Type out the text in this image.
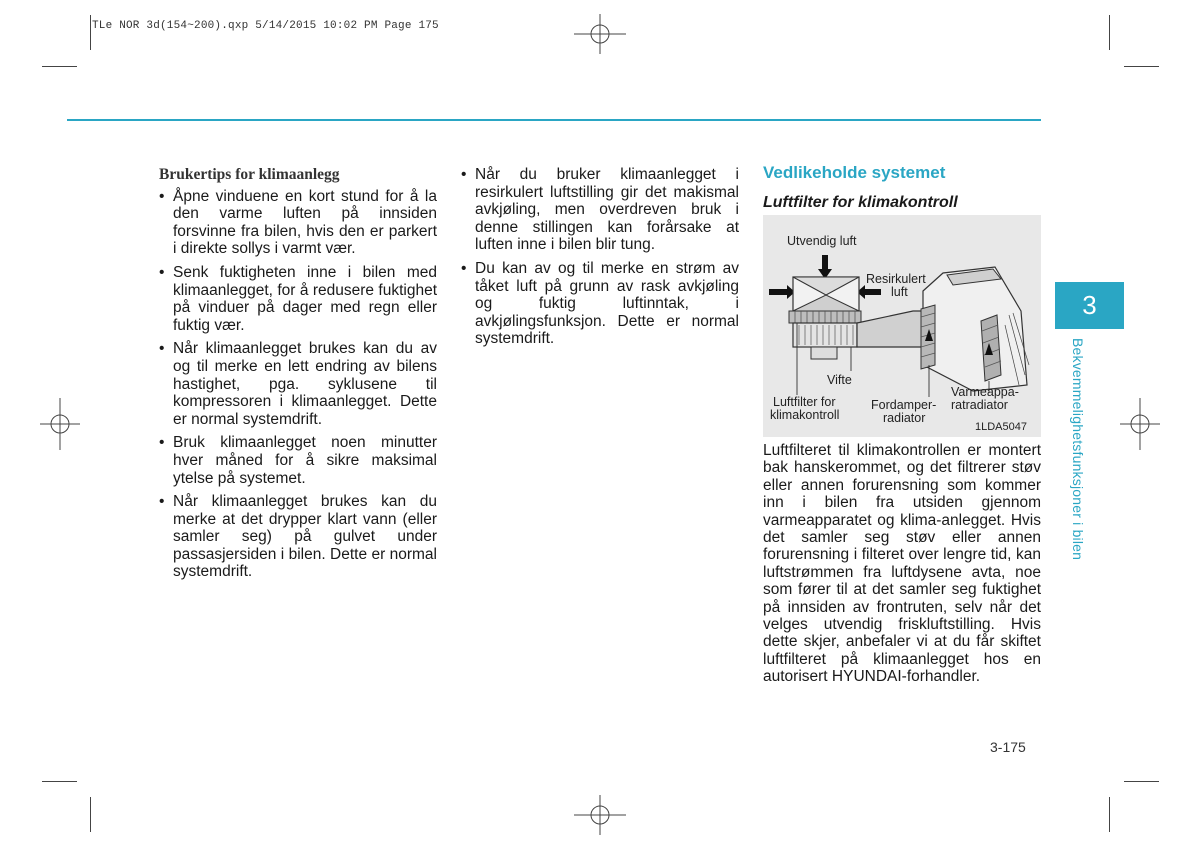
TLe NOR 3d(154~200).qxp 5/14/2015 10:02 PM Page 175

Brukertips for klimaanlegg

• Åpne vinduene en kort stund for å la den varme luften på innsiden forsvinne fra bilen, hvis den er parkert i direkte sollys i varmt vær.
• Senk fuktigheten inne i bilen med klimaanlegget, for å redusere fuktighet på vinduer på dager med regn eller fuktig vær.
• Når klimaanlegget brukes kan du av og til merke en lett endring av bilens hastighet, pga. syklusene til kompressoren i klimaanlegget. Dette er normal systemdrift.
• Bruk klimaanlegget noen minutter hver måned for å sikre maksimal ytelse på systemet.
• Når klimaanlegget brukes kan du merke at det drypper klart vann (eller samler seg) på gulvet under passasjersiden i bilen. Dette er normal systemdrift.
• Når du bruker klimaanlegget i resirkulert luftstilling gir det makismal avkjøling, men overdreven bruk i denne stillingen kan forårsake at luften inne i bilen blir tung.
• Du kan av og til merke en strøm av tåket luft på grunn av rask avkjøling og fuktig luftinntak, i avkjølingsfunksjon. Dette er normal systemdrift.

Vedlikeholde systemet

Luftfilter for klimakontroll

Utvendig luft
Resirkulert
luft
Vifte
Luftfilter for
klimakontroll
Fordamper-
radiator
Varmeappa-
ratradiator
1LDA5047
Luftfilteret til klimakontrollen er montert bak hanskerommet, og det filtrerer støv eller annen forurensning som kommer inn i bilen fra utsiden gjennom varmeapparatet og klima-anlegget. Hvis det samler seg støv eller annen forurensning i filteret over lengre tid, kan luftstrømmen fra luftdysene avta, noe som fører til at det samler seg fuktighet på innsiden av frontruten, selv når det velges utvendig friskluftstilling. Hvis dette skjer, anbefaler vi at du får skiftet luftfilteret på klimaanlegget hos en autorisert HYUNDAI-forhandler.
3-175
3
Bekvemmelighetsfunksjoner i bilen
